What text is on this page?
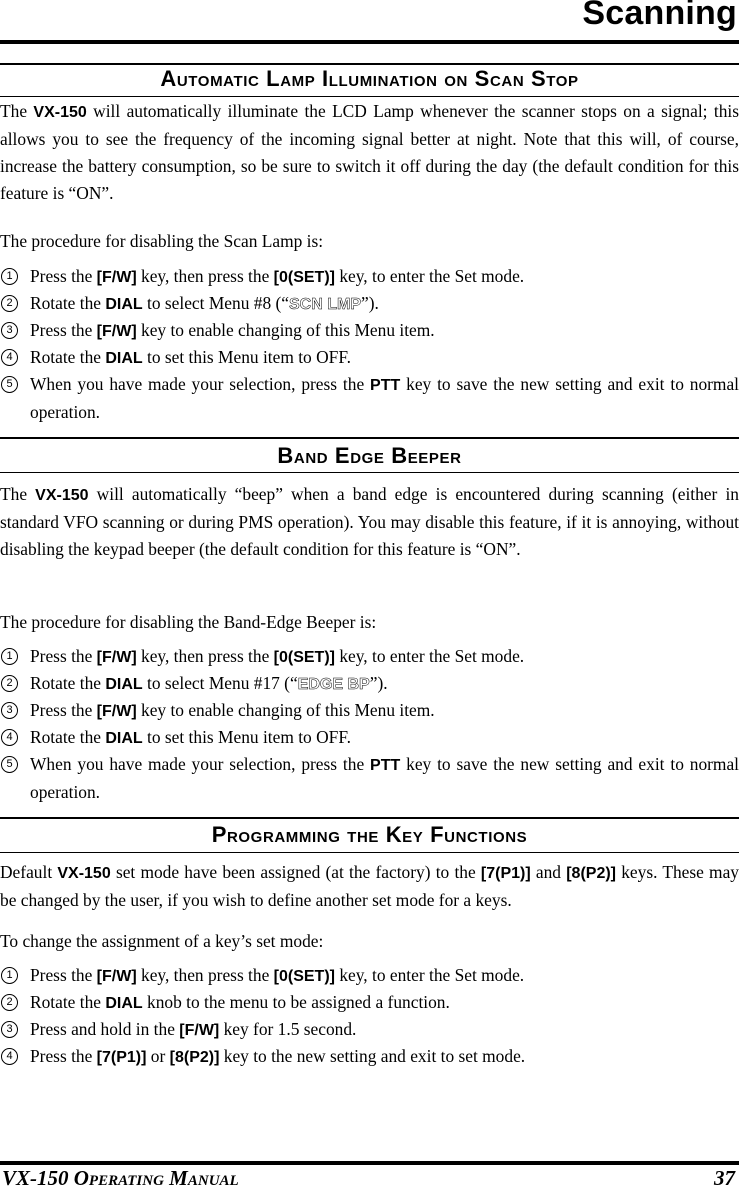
Scanning
Automatic Lamp Illumination on Scan Stop

The VX-150 will automatically illuminate the LCD Lamp whenever the scanner stops on a signal; this allows you to see the frequency of the incoming signal better at night. Note that this will, of course, increase the battery consumption, so be sure to switch it off during the day (the default condition for this feature is “ON”.

The procedure for disabling the Scan Lamp is:

1	Press the [F/W] key, then press the [0(SET)] key, to enter the Set mode.
2	Rotate the DIAL to select Menu #8 (“SCN LMP”).
3	Press the [F/W] key to enable changing of this Menu item.
4	Rotate the DIAL to set this Menu item to OFF.
5	When you have made your selection, press the PTT key to save the new setting and exit to normal operation.
Band Edge Beeper

The VX-150 will automatically “beep” when a band edge is encountered during scanning (either in standard VFO scanning or during PMS operation). You may disable this feature, if it is annoying, without disabling the keypad beeper (the default condition for this feature is “ON”.

The procedure for disabling the Band-Edge Beeper is:

1	Press the [F/W] key, then press the [0(SET)] key, to enter the Set mode.
2	Rotate the DIAL to select Menu #17 (“EDGE BP”).
3	Press the [F/W] key to enable changing of this Menu item.
4	Rotate the DIAL to set this Menu item to OFF.
5	When you have made your selection, press the PTT key to save the new setting and exit to normal operation.
Programming the Key Functions

Default VX-150 set mode have been assigned (at the factory) to the [7(P1)] and [8(P2)] keys. These may be changed by the user, if you wish to define another set mode for a keys.

To change the assignment of a key’s set mode:

1	Press the [F/W] key, then press the [0(SET)] key, to enter the Set mode.
2	Rotate the DIAL knob to the menu to be assigned a function.
3	Press and hold in the [F/W] key for 1.5 second.
4	Press the [7(P1)] or [8(P2)] key to the new setting and exit to set mode.
VX-150 Operating Manual	37
